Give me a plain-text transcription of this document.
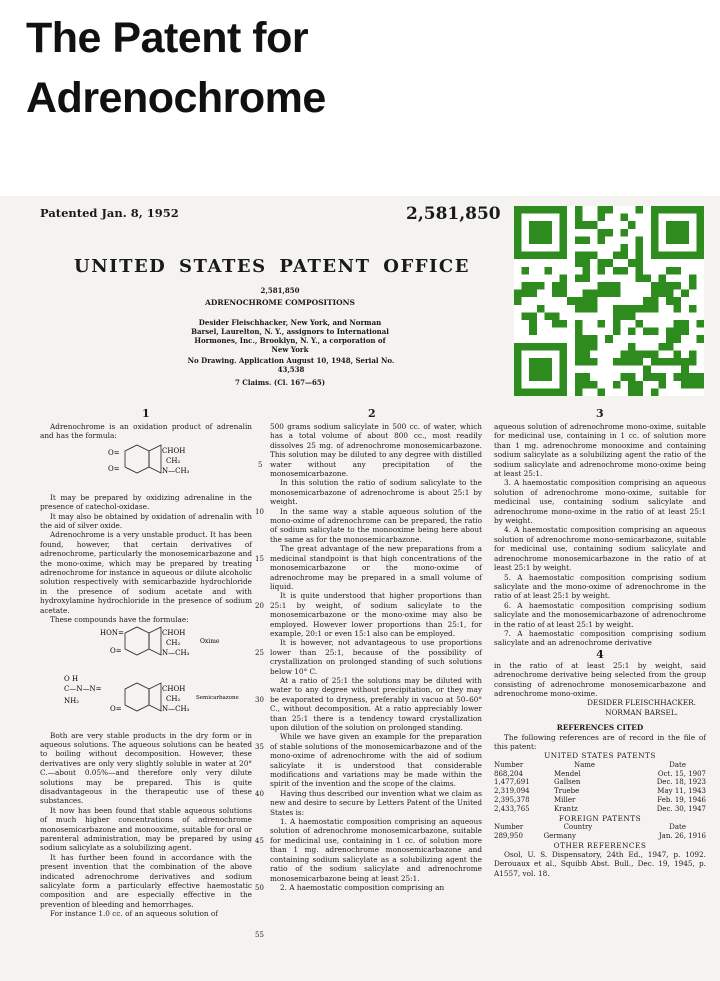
The Patent for
Adrenochrome
Patented Jan. 8, 1952	2,581,850
UNITED STATES PATENT OFFICE
2,581,850
ADRENOCHROME COMPOSITIONS
Desider Fleischhacker, New York, and Norman Barsel, Laurelton, N. Y., assignors to International Hormones, Inc., Brooklyn, N. Y., a corporation of New York
No Drawing. Application August 10, 1948, Serial No. 43,538
7 Claims. (Cl. 167—65)
1

Adrenochrome is an oxidation product of adrenalin and has the formula:

O=	CHOH
CH₂
O=	N—CH₃

It may be prepared by oxidizing adrenaline in the presence of catechol-oxidase.

It may also be obtained by oxidation of adrenalin with the aid of silver oxide.

Adrenochrome is a very unstable product. It has been found, however, that certain derivatives of adrenochrome, particularly the monosemicarbazone and the mono-oxime, which may be prepared by treating adrenochrome for instance in aqueous or dilute alcoholic solution respectively with semicarbazide hydrochloride in the presence of sodium acetate and with hydroxylamine hydrochloride in the presence of sodium acetate.

These compounds have the formulae:

HON=	CHOH
CH₂
O=	N—CH₃
Oxime
O H
C—N—N=
NH₂
CHOH
CH₂
N—CH₃
O=
Semicarbazone

Both are very stable products in the dry form or in aqueous solutions. The aqueous solutions can be heated to boiling without decomposition. However, these derivatives are only very slightly soluble in water at 20° C.—about 0.05%—and therefore only very dilute solutions may be prepared. This is quite disadvantageous in the therapeutic use of these substances.

It now has been found that stable aqueous solutions of much higher concentrations of adrenochrome monosemicarbazone and monooxime, suitable for oral or parenteral administration, may be prepared by using sodium salicylate as a solubilizing agent.

It has further been found in accordance with the present invention that the combination of the above indicated adrenochrome derivatives and sodium salicylate form a particularly effective haemostatic composition and are especially effective in the prevention of bleeding and hemorrhages.

For instance 1.0 cc. of an aqueous solution of

5
10
15
20
25
30
35
40
45
50
55
2

500 grams sodium salicylate in 500 cc. of water, which has a total volume of about 800 cc., most readily dissolves 25 mg. of adrenochrome monosemicarbazone. This solution may be diluted to any degree with distilled water without any precipitation of the monosemicarbazone.

In this solution the ratio of sodium salicylate to the monosemicarbazone of adrenochrome is about 25:1 by weight.

In the same way a stable aqueous solution of the mono-oxime of adrenochrome can be prepared, the ratio of sodium salicylate to the monooxime being here about the same as for the monosemicarbazone.

The great advantage of the new preparations from a medicinal standpoint is that high concentrations of the monosemicarbazone or the mono-oxime of adrenochrome may be prepared in a small volume of liquid.

It is quite understood that higher proportions than 25:1 by weight, of sodium salicylate to the monosemicarbazone or the mono-oxime may also be employed. However lower proportions than 25:1, for example, 20:1 or even 15:1 also can be employed.

It is however, not advantageous to use proportions lower than 25:1, because of the possibility of crystallization on prolonged standing of such solutions below 10° C.

At a ratio of 25:1 the solutions may be diluted with water to any degree without precipitation, or they may be evaporated to dryness, preferably in vacuo at 50–60° C., without decomposition. At a ratio appreciably lower than 25:1 there is a tendency toward crystallization upon dilution of the solution on prolonged standing.

While we have given an example for the preparation of stable solutions of the monosemicarbazone and of the mono-oxime of adrenochrome with the aid of sodium salicylate it is understood that considerable modifications and variations may be made within the spirit of the invention and the scope of the claims.

Having thus described our invention what we claim as new and desire to secure by Letters Patent of the United States is:

1. A haemostatic composition comprising an aqueous solution of adrenochrome monosemicarbazone, suitable for medicinal use, containing in 1 cc. of solution more than 1 mg. adrenochrome monosemicarbazone and containing sodium salicylate as a solubilizing agent the ratio of the sodium salicylate and adrenochrome monosemicarbazone being at least 25:1.

2. A haemostatic composition comprising an

3

aqueous solution of adrenochrome mono-oxime, suitable for medicinal use, containing in 1 cc. of solution more than 1 mg. adrenochrome monooxime and containing sodium salicylate as a solubilizing agent the ratio of the sodium salicylate and adrenochrome mono-oxime being at least 25:1.

3. A haemostatic composition comprising an aqueous solution of adrenochrome mono-oxime, suitable for medicinal use, containing sodium salicylate and adrenochrome mono-oxime in the ratio of at least 25:1 by weight.

4. A haemostatic composition comprising an aqueous solution of adrenochrome mono-semicarbazone, suitable for medicinal use, containing sodium salicylate and adrenochrome monosemicarbazone in the ratio of at least 25:1 by weight.

5. A haemostatic composition comprising sodium salicylate and the mono-oxime of adrenochrome in the ratio of at least 25:1 by weight.

6. A haemostatic composition comprising sodium salicylate and the monosemicarbazone of adrenochrome in the ratio of at least 25:1 by weight.

7. A haemostatic composition comprising sodium salicylate and an adrenochrome derivative

4

in the ratio of at least 25:1 by weight, said adrenochrome derivative being selected from the group consisting of adrenochrome monosemicarbazone and adrenochrome mono-oxime.

DESIDER FLEISCHHACKER.
NORMAN BARSEL.
REFERENCES CITED

The following references are of record in the file of this patent:

UNITED STATES PATENTS
Number	Name	Date
868,204	Mendel	Oct. 15, 1907
1,477,691	Gallsen	Dec. 18, 1923
2,319,094	Truebe	May 11, 1943
2,395,378	Miller	Feb. 19, 1946
2,433,765	Krantz	Dec. 30, 1947
FOREIGN PATENTS
Number	Country	Date
289,950	Germany	Jan. 26, 1916
OTHER REFERENCES

Osol, U. S. Dispensatory, 24th Ed., 1947, p. 1092. Derouaux et al., Squibb Abst. Bull., Dec. 19, 1945, p. A1557, vol. 18.
